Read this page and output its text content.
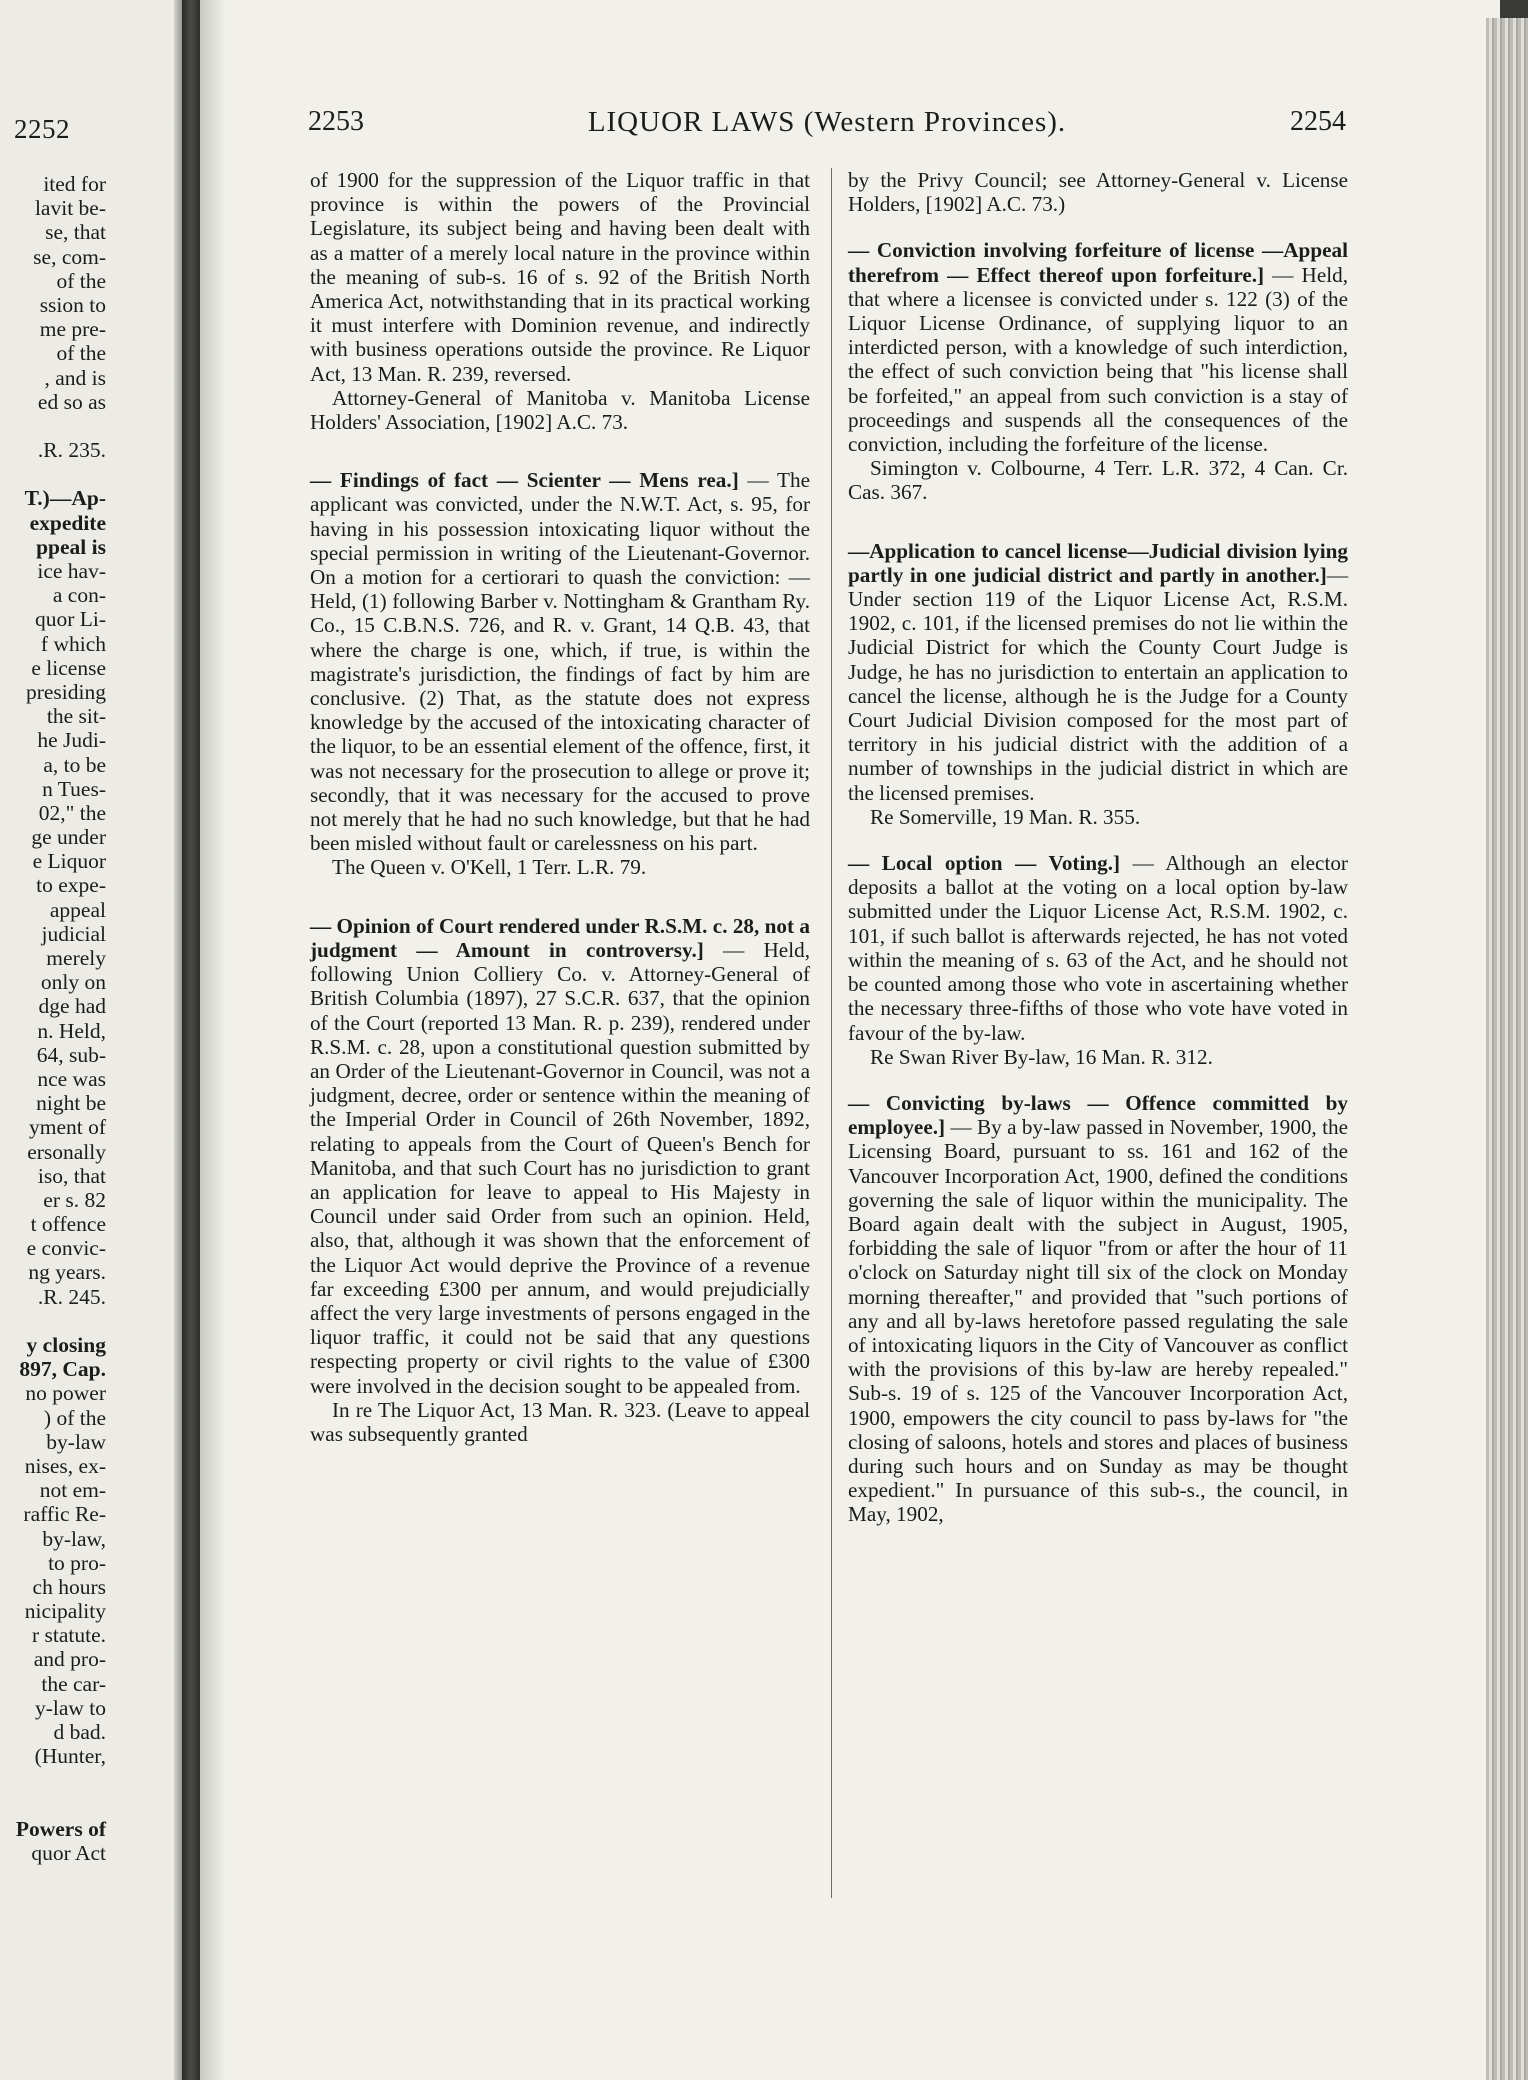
2252
ited for
lavit be-
se, that
se, com-
of the
ssion to
me pre-
of the
, and is
ed so as
.R. 235.
T.)—Ap-
expedite
ppeal is
ice hav-
a con-
quor Li-
f which
e license
presiding
the sit-
he Judi-
a, to be
n Tues-
02," the
ge under
e Liquor
to expe-
appeal
judicial
merely
only on
dge had
n. Held,
64, sub-
nce was
night be
yment of
ersonally
iso, that
er s. 82
t offence
e convic-
ng years.
.R. 245.
y closing
897, Cap.
no power
) of the
by-law
nises, ex-
not em-
raffic Re-
by-law,
to pro-
ch hours
nicipality
r statute.
and pro-
the car-
y-law to
d bad.
(Hunter,
Powers of
quor Act
2253	LIQUOR LAWS (Western Provinces).	2254

of 1900 for the suppression of the Liquor traffic in that province is within the powers of the Provincial Legislature, its subject being and having been dealt with as a matter of a merely local nature in the province within the meaning of sub-s. 16 of s. 92 of the British North America Act, notwithstanding that in its practical working it must interfere with Dominion revenue, and indirectly with business operations outside the province. Re Liquor Act, 13 Man. R. 239, reversed.

Attorney-General of Manitoba v. Manitoba License Holders' Association, [1902] A.C. 73.

— Findings of fact — Scienter — Mens rea.] — The applicant was convicted, under the N.W.T. Act, s. 95, for having in his possession intoxicating liquor without the special permission in writing of the Lieutenant-Governor. On a motion for a certiorari to quash the conviction: — Held, (1) following Barber v. Nottingham & Grantham Ry. Co., 15 C.B.N.S. 726, and R. v. Grant, 14 Q.B. 43, that where the charge is one, which, if true, is within the magistrate's jurisdiction, the findings of fact by him are conclusive. (2) That, as the statute does not express knowledge by the accused of the intoxicating character of the liquor, to be an essential element of the offence, first, it was not necessary for the prosecution to allege or prove it; secondly, that it was necessary for the accused to prove not merely that he had no such knowledge, but that he had been misled without fault or carelessness on his part.

The Queen v. O'Kell, 1 Terr. L.R. 79.

— Opinion of Court rendered under R.S.M. c. 28, not a judgment — Amount in controversy.] — Held, following Union Colliery Co. v. Attorney-General of British Columbia (1897), 27 S.C.R. 637, that the opinion of the Court (reported 13 Man. R. p. 239), rendered under R.S.M. c. 28, upon a constitutional question submitted by an Order of the Lieutenant-Governor in Council, was not a judgment, decree, order or sentence within the meaning of the Imperial Order in Council of 26th November, 1892, relating to appeals from the Court of Queen's Bench for Manitoba, and that such Court has no jurisdiction to grant an application for leave to appeal to His Majesty in Council under said Order from such an opinion. Held, also, that, although it was shown that the enforcement of the Liquor Act would deprive the Province of a revenue far exceeding £300 per annum, and would prejudicially affect the very large investments of persons engaged in the liquor traffic, it could not be said that any questions respecting property or civil rights to the value of £300 were involved in the decision sought to be appealed from.

In re The Liquor Act, 13 Man. R. 323. (Leave to appeal was subsequently granted

by the Privy Council; see Attorney-General v. License Holders, [1902] A.C. 73.)

— Conviction involving forfeiture of license —Appeal therefrom — Effect thereof upon forfeiture.] — Held, that where a licensee is convicted under s. 122 (3) of the Liquor License Ordinance, of supplying liquor to an interdicted person, with a knowledge of such interdiction, the effect of such conviction being that "his license shall be forfeited," an appeal from such conviction is a stay of proceedings and suspends all the consequences of the conviction, including the forfeiture of the license.

Simington v. Colbourne, 4 Terr. L.R. 372, 4 Can. Cr. Cas. 367.

—Application to cancel license—Judicial division lying partly in one judicial district and partly in another.]—Under section 119 of the Liquor License Act, R.S.M. 1902, c. 101, if the licensed premises do not lie within the Judicial District for which the County Court Judge is Judge, he has no jurisdiction to entertain an application to cancel the license, although he is the Judge for a County Court Judicial Division composed for the most part of territory in his judicial district with the addition of a number of townships in the judicial district in which are the licensed premises.

Re Somerville, 19 Man. R. 355.

— Local option — Voting.] — Although an elector deposits a ballot at the voting on a local option by-law submitted under the Liquor License Act, R.S.M. 1902, c. 101, if such ballot is afterwards rejected, he has not voted within the meaning of s. 63 of the Act, and he should not be counted among those who vote in ascertaining whether the necessary three-fifths of those who vote have voted in favour of the by-law.

Re Swan River By-law, 16 Man. R. 312.

— Convicting by-laws — Offence committed by employee.] — By a by-law passed in November, 1900, the Licensing Board, pursuant to ss. 161 and 162 of the Vancouver Incorporation Act, 1900, defined the conditions governing the sale of liquor within the municipality. The Board again dealt with the subject in August, 1905, forbidding the sale of liquor "from or after the hour of 11 o'clock on Saturday night till six of the clock on Monday morning thereafter," and provided that "such portions of any and all by-laws heretofore passed regulating the sale of intoxicating liquors in the City of Vancouver as conflict with the provisions of this by-law are hereby repealed." Sub-s. 19 of s. 125 of the Vancouver Incorporation Act, 1900, empowers the city council to pass by-laws for "the closing of saloons, hotels and stores and places of business during such hours and on Sunday as may be thought expedient." In pursuance of this sub-s., the council, in May, 1902,
